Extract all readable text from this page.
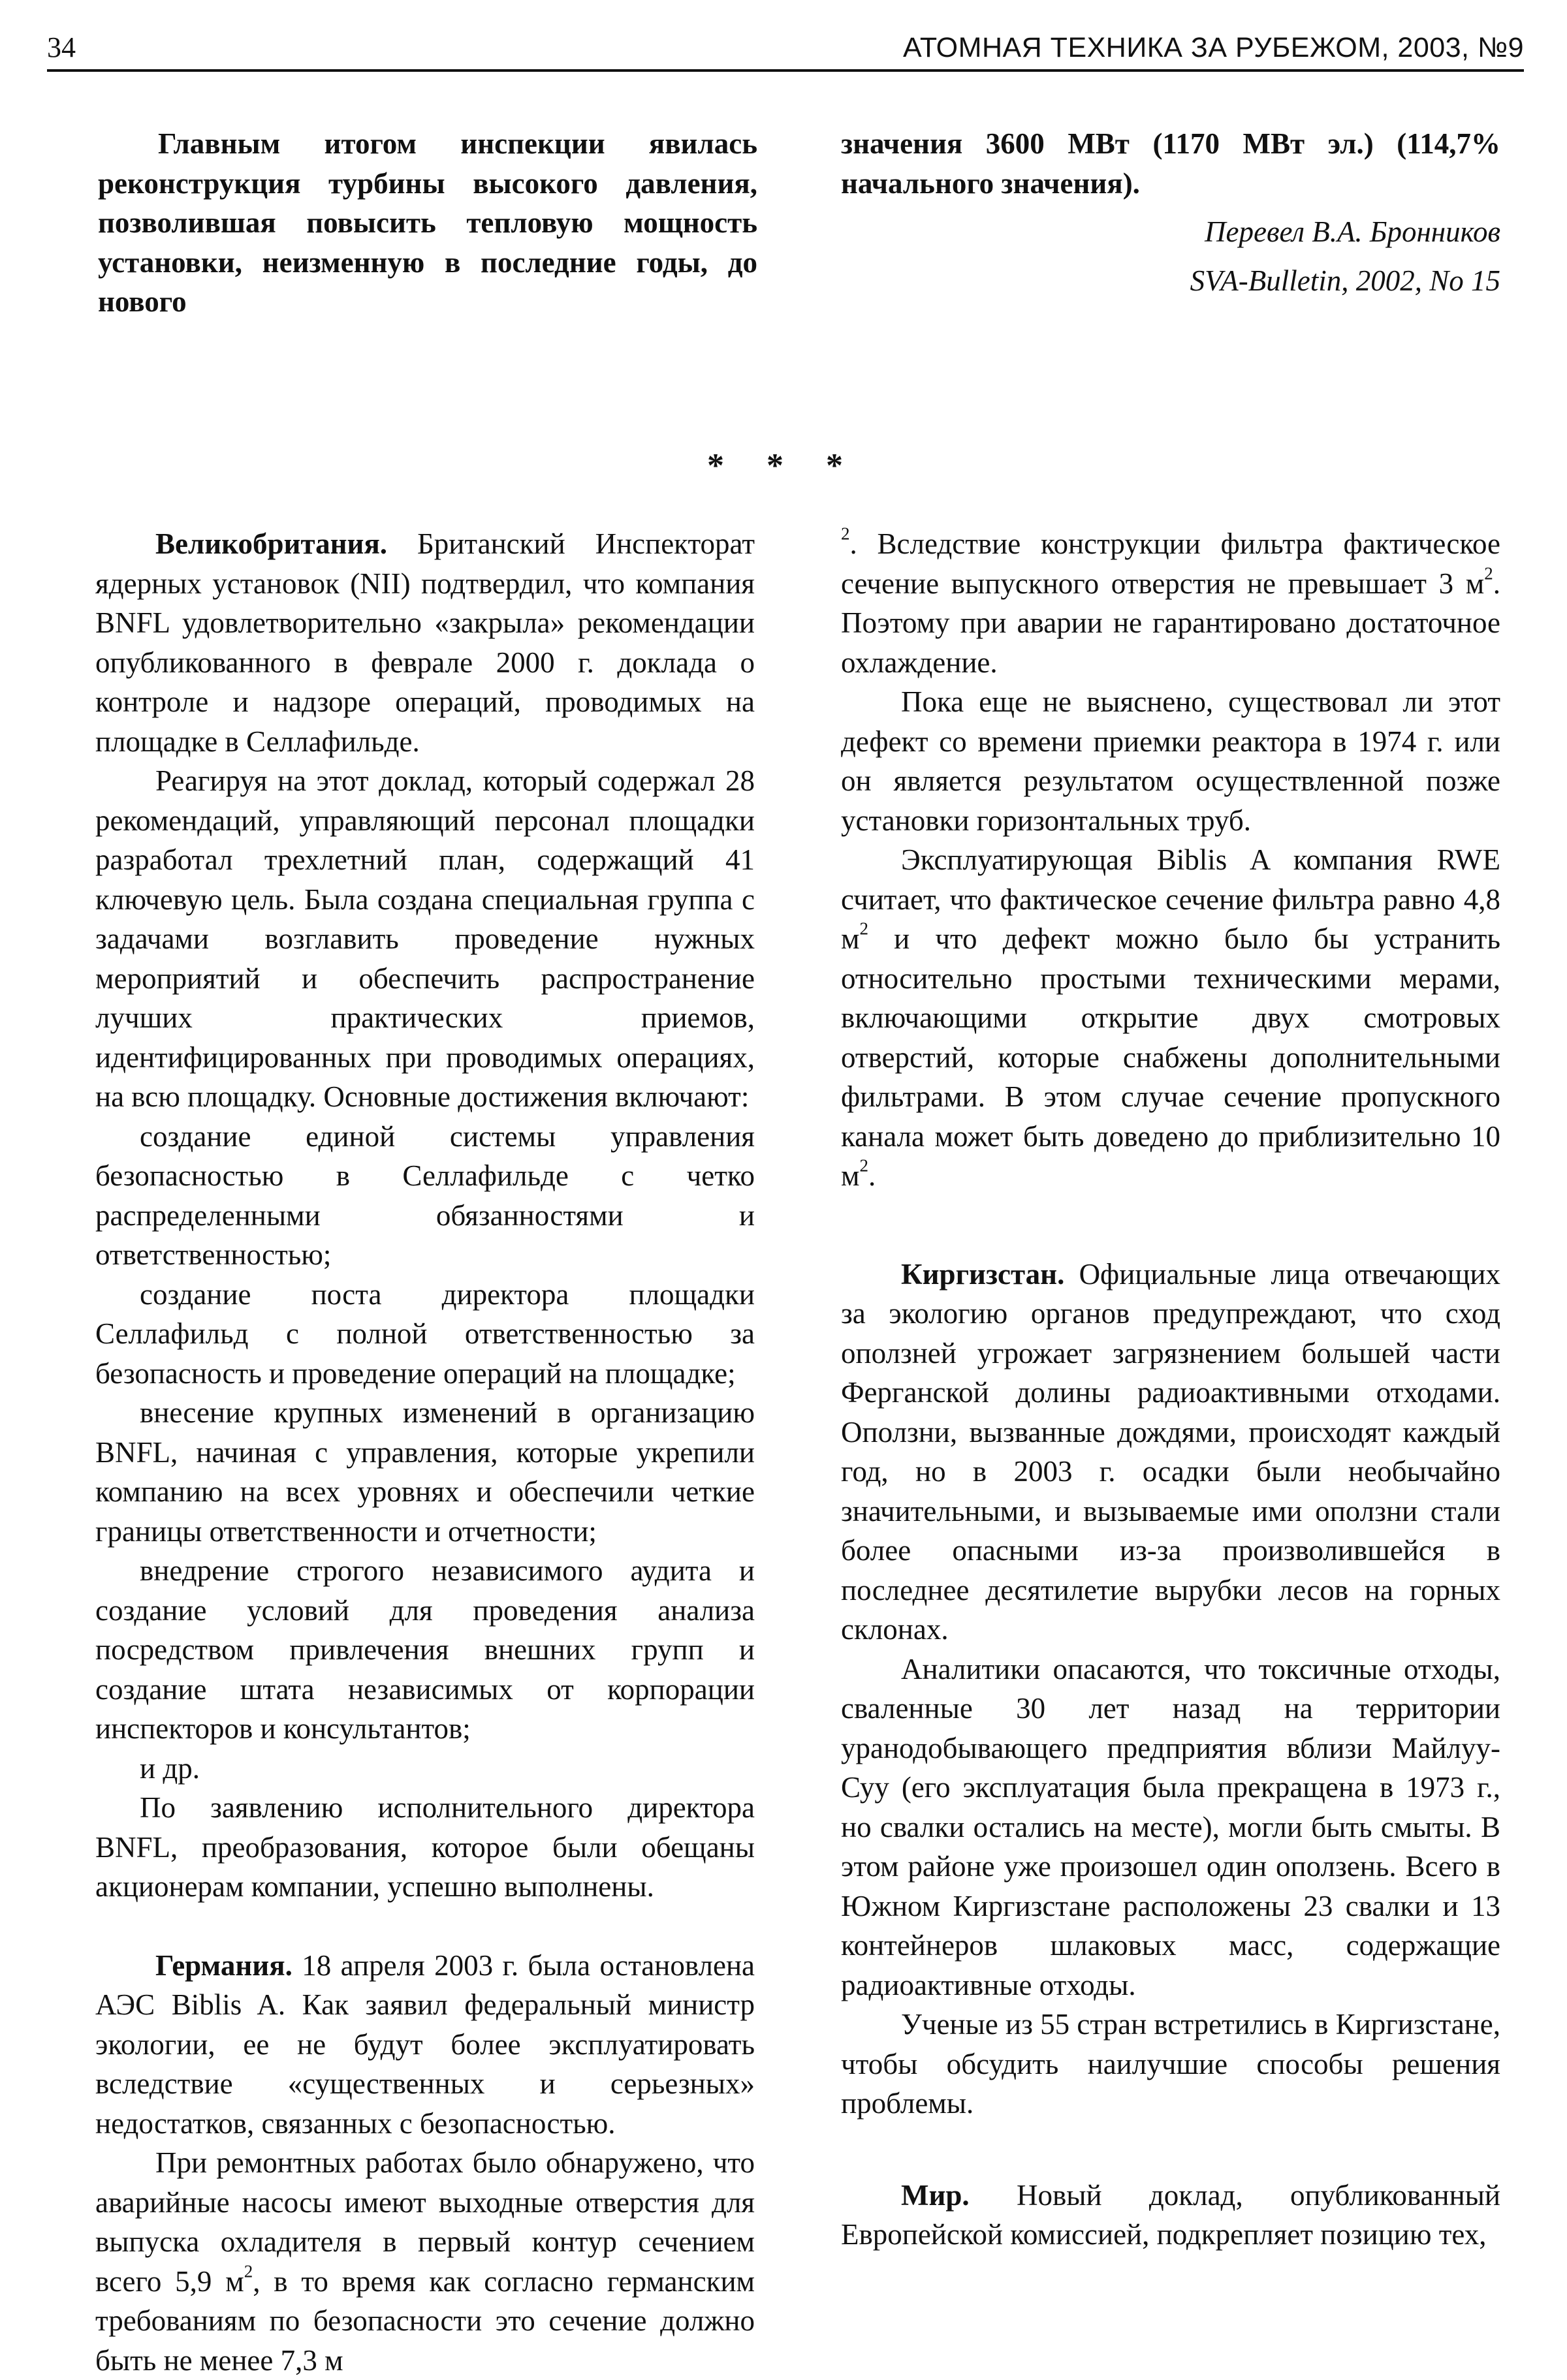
34	АТОМНАЯ ТЕХНИКА ЗА РУБЕЖОМ, 2003, №9

Главным итогом инспекции явилась реконструкция турбины высокого давления, позволившая повысить тепловую мощность установки, неизменную в последние годы, до нового

значения 3600 МВт (1170 МВт эл.) (114,7% начального значения).

Перевел В.А. Бронников

SVA-Bulletin, 2002, No 15

* * *

Великобритания. Британский Инспекторат ядерных установок (NII) подтвердил, что компания BNFL удовлетворительно «закрыла» рекомендации опубликованного в феврале 2000 г. доклада о контроле и надзоре операций, проводимых на площадке в Селлафильде.

Реагируя на этот доклад, который содержал 28 рекомендаций, управляющий персонал площадки разработал трехлетний план, содержащий 41 ключевую цель. Была создана специальная группа с задачами возглавить проведение нужных мероприятий и обеспечить распространение лучших практических приемов, идентифицированных при проводимых операциях, на всю площадку. Основные достижения включают:

создание единой системы управления безопасностью в Селлафильде с четко распределенными обязанностями и ответственностью;

создание поста директора площадки Селлафильд с полной ответственностью за безопасность и проведение операций на площадке;

внесение крупных изменений в организацию BNFL, начиная с управления, которые укрепили компанию на всех уровнях и обеспечили четкие границы ответственности и отчетности;

внедрение строгого независимого аудита и создание условий для проведения анализа посредством привлечения внешних групп и создание штата независимых от корпорации инспекторов и консультантов;

и др.

По заявлению исполнительного директора BNFL, преобразования, которое были обещаны акционерам компании, успешно выполнены.

Германия. 18 апреля 2003 г. была остановлена АЭС Biblis A. Как заявил федеральный министр экологии, ее не будут более эксплуатировать вследствие «существенных и серьезных» недостатков, связанных с безопасностью.

При ремонтных работах было обнаружено, что аварийные насосы имеют выходные отверстия для выпуска охладителя в первый контур сечением всего 5,9 $м^2$, в то время как согласно германским требованиям по безопасности это сечение должно быть не менее 7,3 м

$^2$. Вследствие конструкции фильтра фактическое сечение выпускного отверстия не превышает 3 $м^2$. Поэтому при аварии не гарантировано достаточное охлаждение.

Пока еще не выяснено, существовал ли этот дефект со времени приемки реактора в 1974 г. или он является результатом осуществленной позже установки горизонтальных труб.

Эксплуатирующая Biblis A компания RWE считает, что фактическое сечение фильтра равно 4,8 $м^2$ и что дефект можно было бы устранить относительно простыми техническими мерами, включающими открытие двух смотровых отверстий, которые снабжены дополнительными фильтрами. В этом случае сечение пропускного канала может быть доведено до приблизительно 10 $м^2$.

Киргизстан. Официальные лица отвечающих за экологию органов предупреждают, что сход оползней угрожает загрязнением большей части Ферганской долины радиоактивными отходами. Оползни, вызванные дождями, происходят каждый год, но в 2003 г. осадки были необычайно значительными, и вызываемые ими оползни стали более опасными из-за произволившейся в последнее десятилетие вырубки лесов на горных склонах.

Аналитики опасаются, что токсичные отходы, сваленные 30 лет назад на территории уранодобывающего предприятия вблизи Майлуу-Суу (его эксплуатация была прекращена в 1973 г., но свалки остались на месте), могли быть смыты. В этом районе уже произошел один оползень. Всего в Южном Киргизстане расположены 23 свалки и 13 контейнеров шлаковых масс, содержащие радиоактивные отходы.

Ученые из 55 стран встретились в Киргизстане, чтобы обсудить наилучшие способы решения проблемы.

Мир. Новый доклад, опубликованный Европейской комиссией, подкрепляет позицию тех,
